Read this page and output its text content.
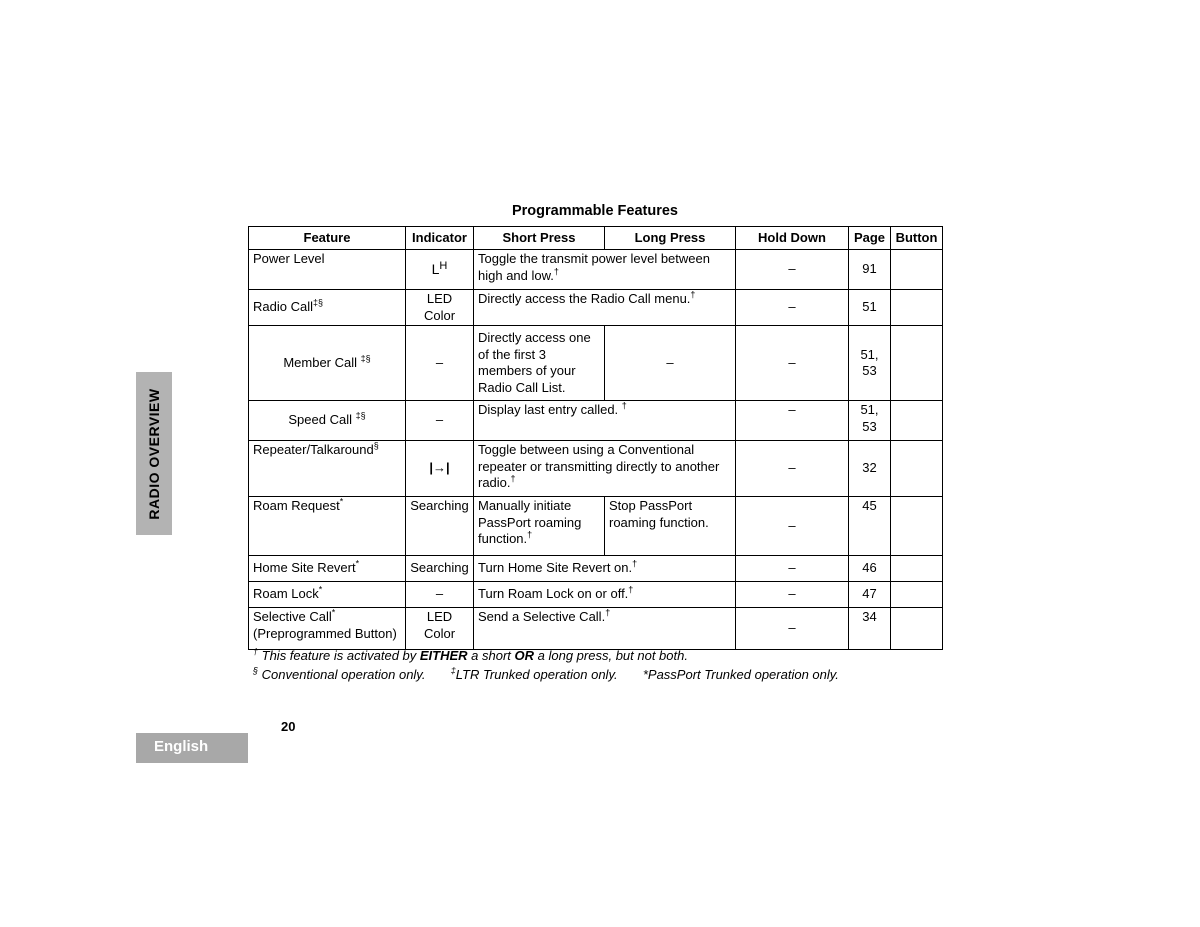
RADIO OVERVIEW
Programmable Features
Feature	Indicator	Short Press	Long Press	Hold Down	Page	Button
Power Level	$L^H$	Toggle the transmit power level between high and low.†		–	91	
Radio Call‡§	LED Color	Directly access the Radio Call menu.†		–	51	
Member Call ‡§	–	Directly access one of the first 3 members of your Radio Call List.	–	–	51, 53	
Speed Call ‡§	–	Display last entry called. †		–	51, 53	
Repeater/Talkaround§	|→|	Toggle between using a Conventional repeater or transmitting directly to another radio.†		–	32	
Roam Request*	Searching	Manually initiate PassPort roaming function.†	Stop PassPort roaming function.	–	45	
Home Site Revert*	Searching	Turn Home Site Revert on.†		–	46	
Roam Lock*	–	Turn Roam Lock on or off.†		–	47	
Selective Call*
(Preprogrammed Button)	LED Color	Send a Selective Call.†		–	34	
† This feature is activated by EITHER a short OR a long press, but not both.
§ Conventional operation only.	‡LTR Trunked operation only. *PassPort Trunked operation only.
20
English
